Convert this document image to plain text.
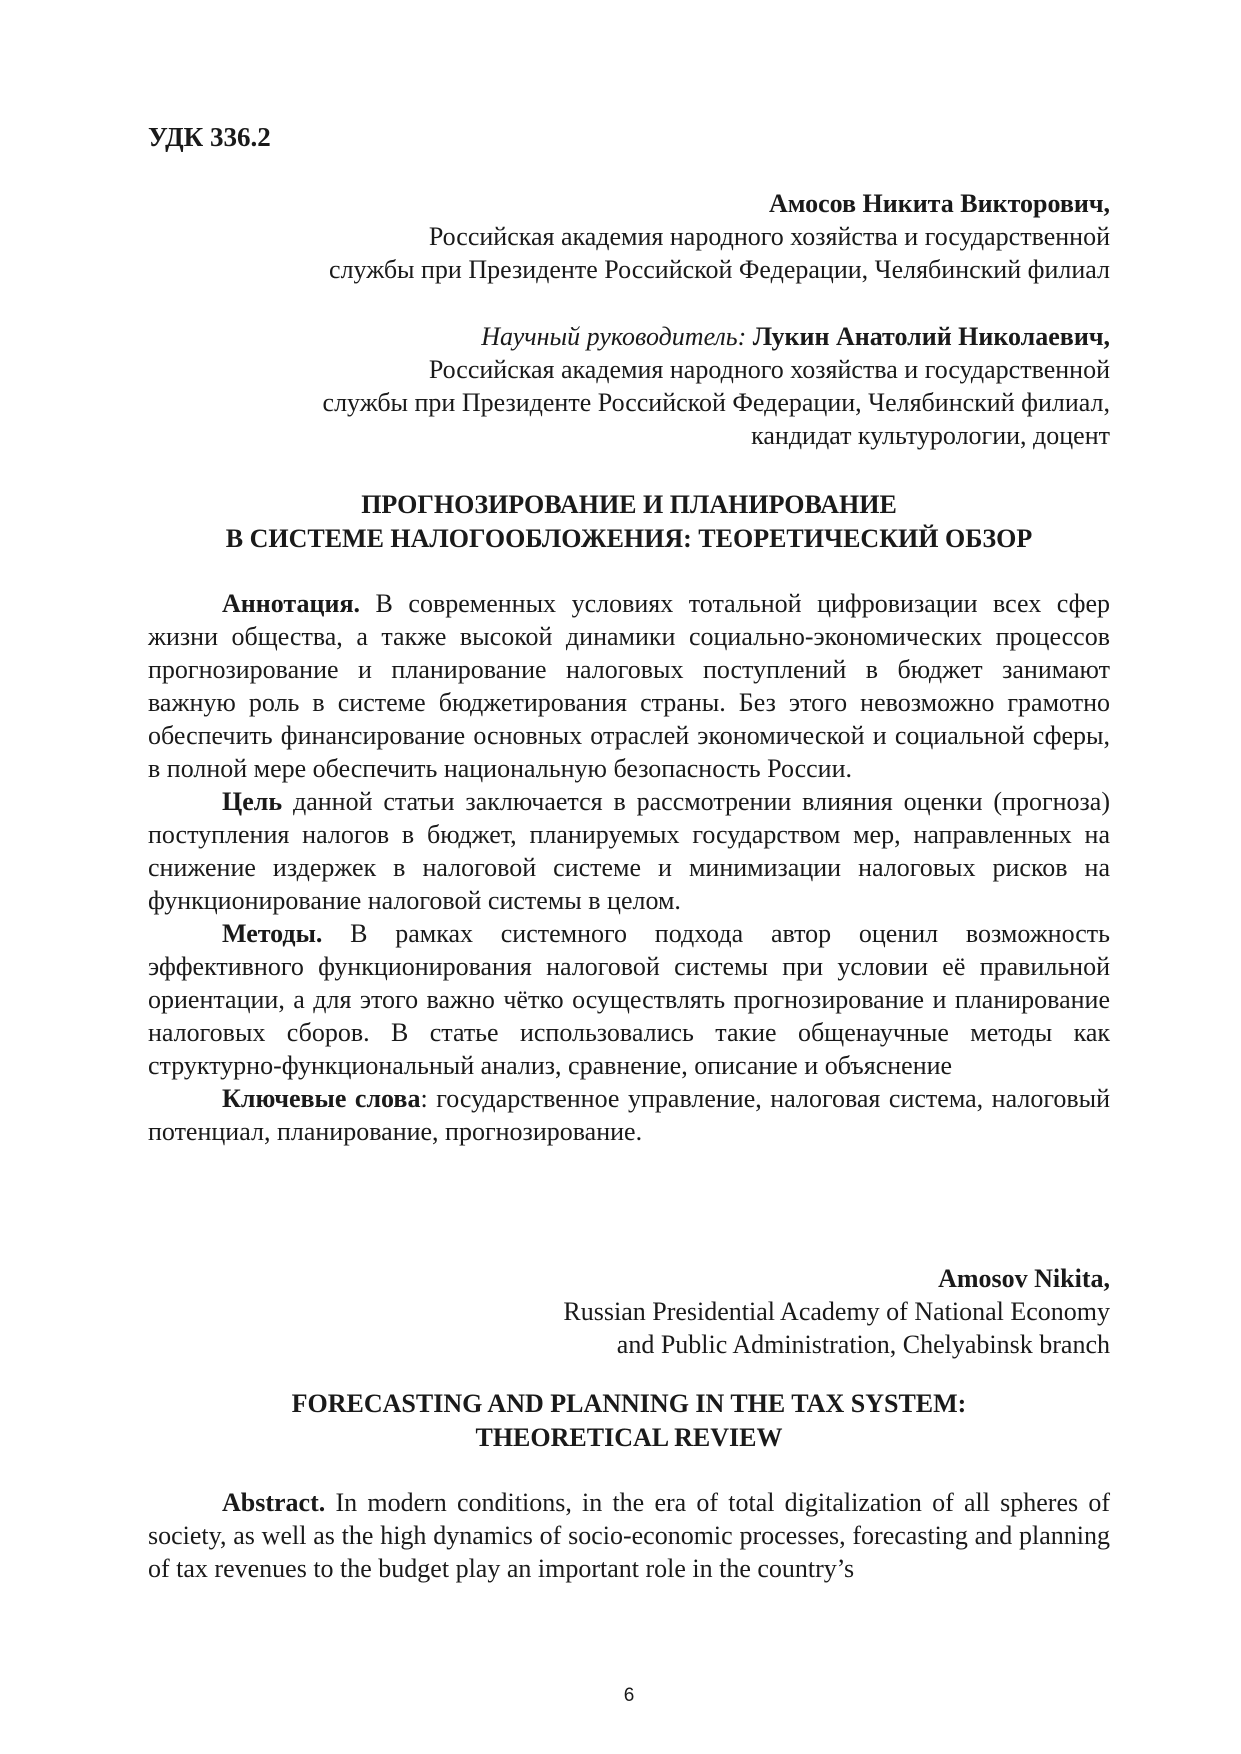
УДК 336.2
Амосов Никита Викторович,
Российская академия народного хозяйства и государственной
службы при Президенте Российской Федерации, Челябинский филиал
Научный руководитель: Лукин Анатолий Николаевич,
Российская академия народного хозяйства и государственной
службы при Президенте Российской Федерации, Челябинский филиал,
кандидат культурологии, доцент
ПРОГНОЗИРОВАНИЕ И ПЛАНИРОВАНИЕ
В СИСТЕМЕ НАЛОГООБЛОЖЕНИЯ: ТЕОРЕТИЧЕСКИЙ ОБЗОР

Аннотация. В современных условиях тотальной цифровизации всех сфер жизни общества, а также высокой динамики социально-экономических процессов прогнозирование и планирование налоговых поступлений в бюджет занимают важную роль в системе бюджетирования страны. Без этого невозможно грамотно обеспечить финансирование основных отраслей экономической и социальной сферы, в полной мере обеспечить национальную безопасность России.

Цель данной статьи заключается в рассмотрении влияния оценки (прогноза) поступления налогов в бюджет, планируемых государством мер, направленных на снижение издержек в налоговой системе и минимизации налоговых рисков на функционирование налоговой системы в целом.

Методы. В рамках системного подхода автор оценил возможность эффективного функционирования налоговой системы при условии её правильной ориентации, а для этого важно чётко осуществлять прогнозирование и планирование налоговых сборов. В статье использовались такие общенаучные методы как структурно-функциональный анализ, сравнение, описание и объяснение

Ключевые слова: государственное управление, налоговая система, налоговый потенциал, планирование, прогнозирование.

Amosov Nikita,
Russian Presidential Academy of National Economy
and Public Administration, Chelyabinsk branch
FORECASTING AND PLANNING IN THE TAX SYSTEM:
THEORETICAL REVIEW

Abstract. In modern conditions, in the era of total digitalization of all spheres of society, as well as the high dynamics of socio-economic processes, forecasting and planning of tax revenues to the budget play an important role in the country’s

6
